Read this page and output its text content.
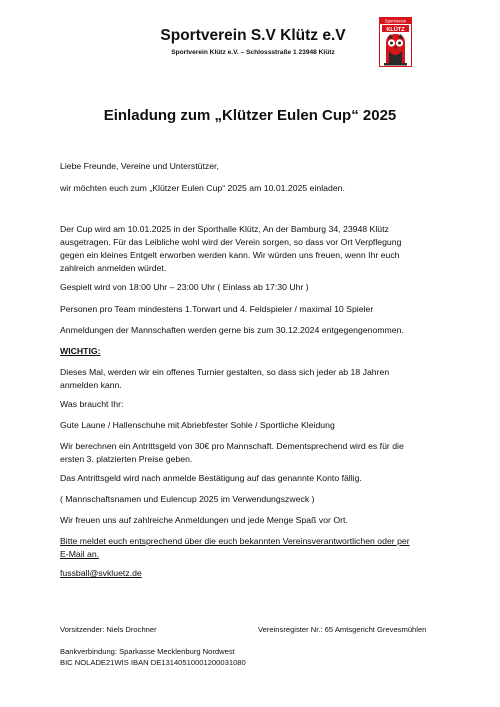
Sportverein S.V Klütz e.V
Sportverein Klütz e.V. – Schlossstraße 1 23948 Klütz
Sportverein
KLÜTZ
Einladung zum „Klützer Eulen Cup“ 2025
Liebe Freunde, Vereine und Unterstützer,
wir möchten euch zum „Klützer Eulen Cup“ 2025 am 10.01.2025 einladen.
Der Cup wird am 10.01.2025 in der Sporthalle Klütz, An der Bamburg 34, 23948 Klütz
ausgetragen. Für das Leibliche wohl wird der Verein sorgen, so dass vor Ort Verpflegung
gegen ein kleines Entgelt erworben werden kann. Wir würden uns freuen, wenn Ihr euch
zahlreich anmelden würdet.
Gespielt wird von 18:00 Uhr – 23:00 Uhr ( Einlass ab 17:30 Uhr )
Personen pro Team mindestens 1.Torwart und 4. Feldspieler / maximal 10 Spieler
Anmeldungen der Mannschaften werden gerne bis zum 30.12.2024 entgegengenommen.
WICHTIG:
Dieses Mal, werden wir ein offenes Turnier gestalten, so dass sich jeder ab 18 Jahren
anmelden kann.
Was braucht Ihr:
Gute Laune / Hallenschuhe mit Abriebfester Sohle / Sportliche Kleidung
Wir berechnen ein Antrittsgeld von 30€ pro Mannschaft. Dementsprechend wird es für die
ersten 3. platzierten Preise geben.
Das Antrittsgeld wird nach anmelde Bestätigung auf das genannte Konto fällig.
( Mannschaftsnamen und Eulencup 2025 im Verwendungszweck )
Wir freuen uns auf zahlreiche Anmeldungen und jede Menge Spaß vor Ort.
Bitte meldet euch entsprechend über die euch bekannten Vereinsverantwortlichen oder per
E-Mail an.
fussball@svkluetz.de
Vorsitzender: Niels Drochner	Vereinsregister Nr.: 65 Amtsgericht Grevesmühlen
Bankverbindung: Sparkasse Mecklenburg Nordwest
BIC NOLADE21WIS IBAN DE13140510001200031080
